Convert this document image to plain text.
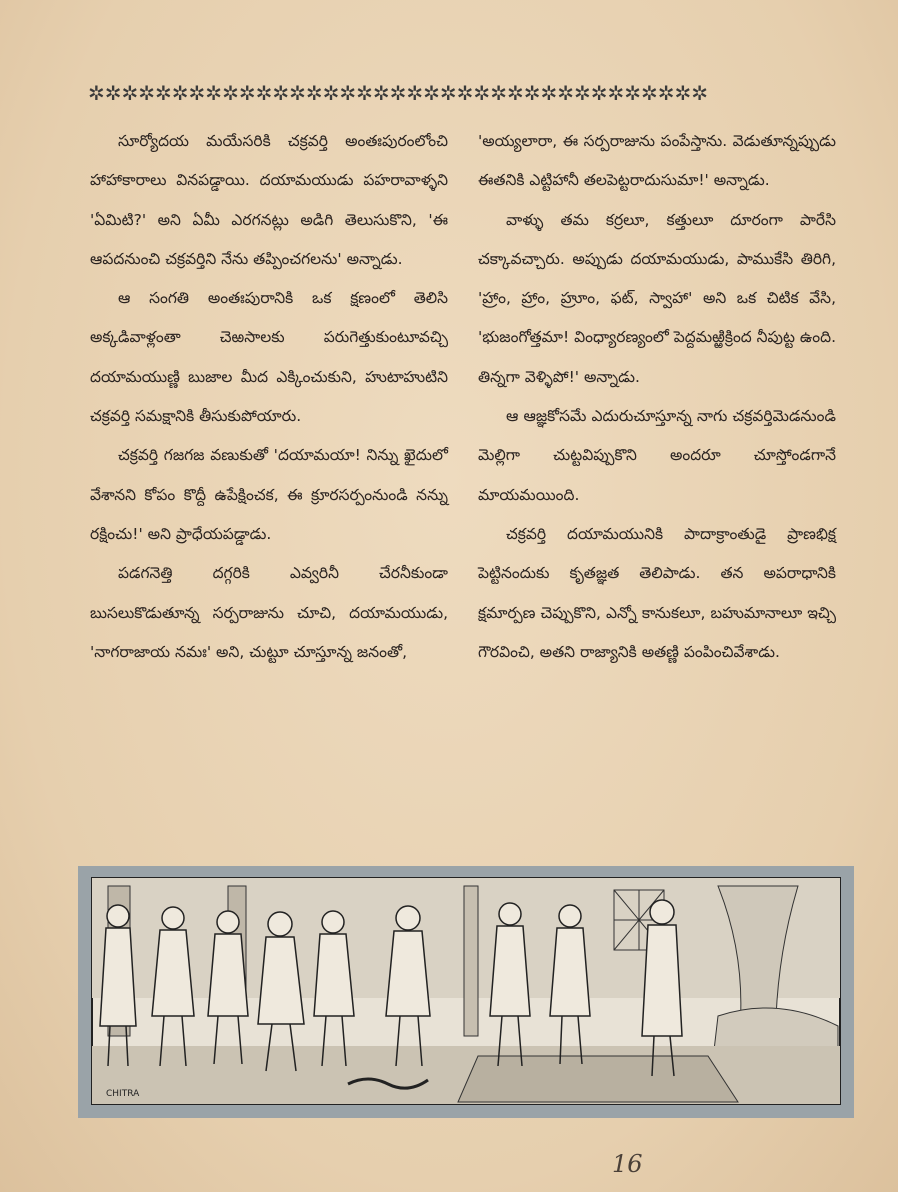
✲✲✲✲✲✲✲✲✲✲✲✲✲✲✲✲✲✲✲✲✲✲✲✲✲✲✲✲✲✲✲✲✲✲✲✲✲

సూర్యోదయ మయేసరికి చక్రవర్తి అంతఃపురంలోంచి హాహాకారాలు వినపడ్డాయి. దయామయుడు పహరావాళ్ళని 'ఏమిటి?' అని ఏమీ ఎరగనట్లు అడిగి తెలుసుకొని, 'ఈ ఆపదనుంచి చక్రవర్తిని నేను తప్పించగలను' అన్నాడు.

ఆ సంగతి అంతఃపురానికి ఒక క్షణంలో తెలిసి అక్కడివాళ్లంతా చెఱసాలకు పరుగెత్తుకుంటూవచ్చి దయామయుణ్ణి బుజాల మీద ఎక్కించుకుని, హుటాహుటిని చక్రవర్తి సమక్షానికి తీసుకుపోయారు.

చక్రవర్తి గజగజ వణుకుతో 'దయామయా! నిన్ను ఖైదులో వేశానని కోపం కొద్దీ ఉపేక్షించక, ఈ క్రూరసర్పంనుండి నన్ను రక్షించు!' అని ప్రాధేయపడ్డాడు.

పడగనెత్తి దగ్గరికి ఎవ్వరినీ చేరనీకుండా బుసలుకొడుతూన్న సర్పరాజును చూచి, దయామయుడు, 'నాగరాజాయ నమః' అని, చుట్టూ చూస్తూన్న జనంతో,

'అయ్యలారా, ఈ సర్పరాజును పంపేస్తాను. వెడుతూన్నప్పుడు ఈతనికి ఎట్టిహానీ తలపెట్టరాదుసుమా!' అన్నాడు.

వాళ్ళు తమ కర్రలూ, కత్తులూ దూరంగా పారేసి చక్కావచ్చారు. అప్పుడు దయామయుడు, పాముకేసి తిరిగి, 'హ్రాం, హ్రాం, హ్రూం, ఫట్, స్వాహా' అని ఒక చిటిక వేసి, 'భుజంగోత్తమా! వింధ్యారణ్యంలో పెద్దమఱ్ఱిక్రింద నీపుట్ట ఉంది. తిన్నగా వెళ్ళిపో!' అన్నాడు.

ఆ ఆజ్ఞకోసమే ఎదురుచూస్తూన్న నాగు చక్రవర్తిమెడనుండి మెల్లిగా చుట్టవిప్పుకొని అందరూ చూస్తోండగానే మాయమయింది.

చక్రవర్తి దయామయునికి పాదాక్రాంతుడై ప్రాణభిక్ష పెట్టినందుకు కృతజ్ఞత తెలిపాడు. తన అపరాధానికి క్షమార్పణ చెప్పుకొని, ఎన్నో కానుకలూ, బహుమానాలూ ఇచ్చి గౌరవించి, అతని రాజ్యానికి అతణ్ణి పంపించివేశాడు.

CHITRA
16
